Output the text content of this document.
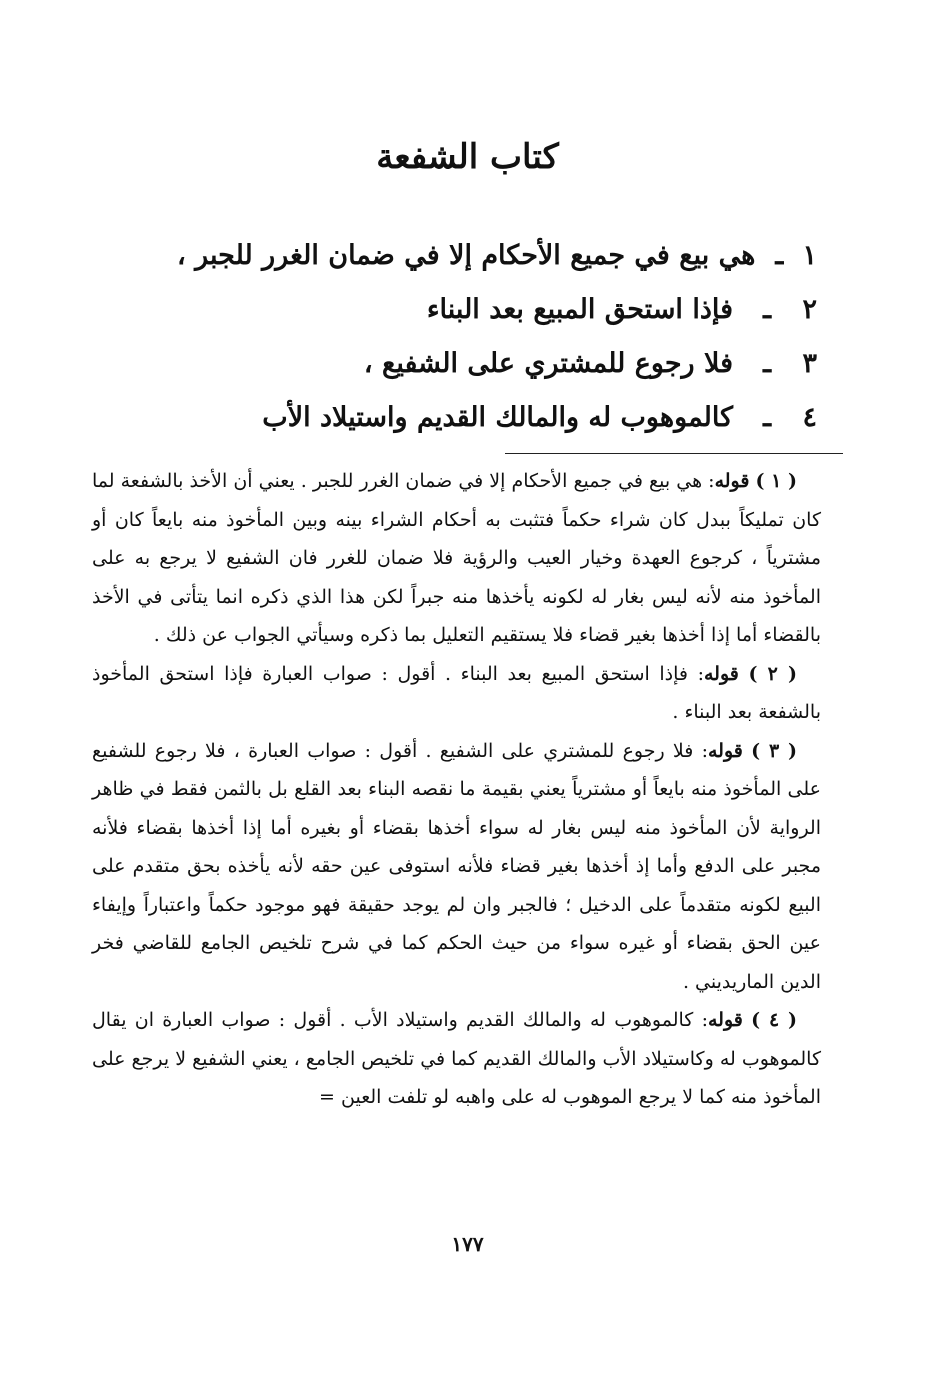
كتاب الشفعة
١
ـ
هي بيع في جميع الأحكام إلا في ضمان الغرر للجبر ،
٢
ـ
فإذا استحق المبيع بعد البناء
٣
ـ
فلا رجوع للمشتري على الشفيع ،
٤
ـ
كالموهوب له والمالك القديم واستيلاد الأب
( ١ ) قوله: هي بيع في جميع الأحكام إلا في ضمان الغرر للجبر . يعني أن الأخذ بالشفعة لما كان تمليكاً ببدل كان شراء حكماً فتثبت به أحكام الشراء بينه وبين المأخوذ منه بايعاً كان أو مشترياً ، كرجوع العهدة وخيار العيب والرؤية فلا ضمان للغرر فان الشفيع لا يرجع به على المأخوذ منه لأنه ليس بغار له لكونه يأخذها منه جبراً لكن هذا الذي ذكره انما يتأتى في الأخذ بالقضاء أما إذا أخذها بغير قضاء فلا يستقيم التعليل بما ذكره وسيأتي الجواب عن ذلك .
( ٢ ) قوله: فإذا استحق المبيع بعد البناء . أقول : صواب العبارة فإذا استحق المأخوذ بالشفعة بعد البناء .
( ٣ ) قوله: فلا رجوع للمشتري على الشفيع . أقول : صواب العبارة ، فلا رجوع للشفيع على المأخوذ منه بايعاً أو مشترياً يعني بقيمة ما نقصه البناء بعد القلع بل بالثمن فقط في ظاهر الرواية لأن المأخوذ منه ليس بغار له سواء أخذها بقضاء أو بغيره أما إذا أخذها بقضاء فلأنه مجبر على الدفع وأما إذ أخذها بغير قضاء فلأنه استوفى عين حقه لأنه يأخذه بحق متقدم على البيع لكونه متقدماً على الدخيل ؛ فالجبر وان لم يوجد حقيقة فهو موجود حكماً واعتباراً وإيفاء عين الحق بقضاء أو غيره سواء من حيث الحكم كما في شرح تلخيص الجامع للقاضي فخر الدين الماريديني .
( ٤ ) قوله: كالموهوب له والمالك القديم واستيلاد الأب . أقول : صواب العبارة ان يقال كالموهوب له وكاستيلاد الأب والمالك القديم كما في تلخيص الجامع ، يعني الشفيع لا يرجع على المأخوذ منه كما لا يرجع الموهوب له على واهبه لو تلفت العين =
١٧٧
